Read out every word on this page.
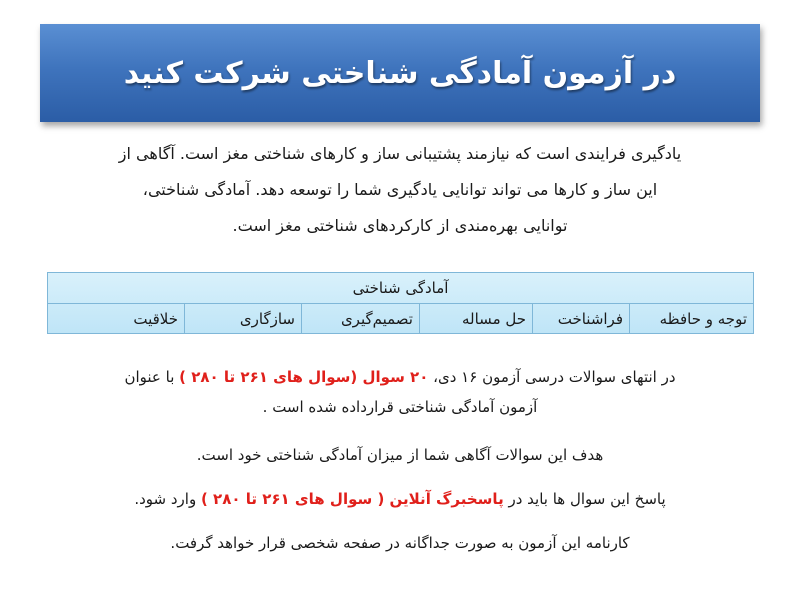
در آزمون آمادگی شناختی شرکت کنید

یادگیری فرایندی است که نیازمند پشتیبانی ساز و کارهای شناختی مغز است. آگاهی از

این ساز و کارها می تواند توانایی یادگیری شما را توسعه دهد. آمادگی شناختی،

توانایی بهره‌مندی از کارکردهای شناختی مغز است.

آمادگی شناختی
توجه و حافظه
فراشناخت
حل مساله
تصمیم‌گیری
سازگاری
خلاقیت

در انتهای سوالات درسی آزمون ۱۶ دی، ۲۰ سوال (سوال های ۲۶۱ تا ۲۸۰ ) با عنوان

آزمون آمادگی شناختی قرارداده شده است .

هدف این سوالات آگاهی شما از میزان آمادگی شناختی خود است.
پاسخ این سوال ها باید در پاسخبرگ آنلاین ( سوال های ۲۶۱ تا ۲۸۰ ) وارد شود.
کارنامه این آزمون به صورت جداگانه در صفحه شخصی قرار خواهد گرفت.
